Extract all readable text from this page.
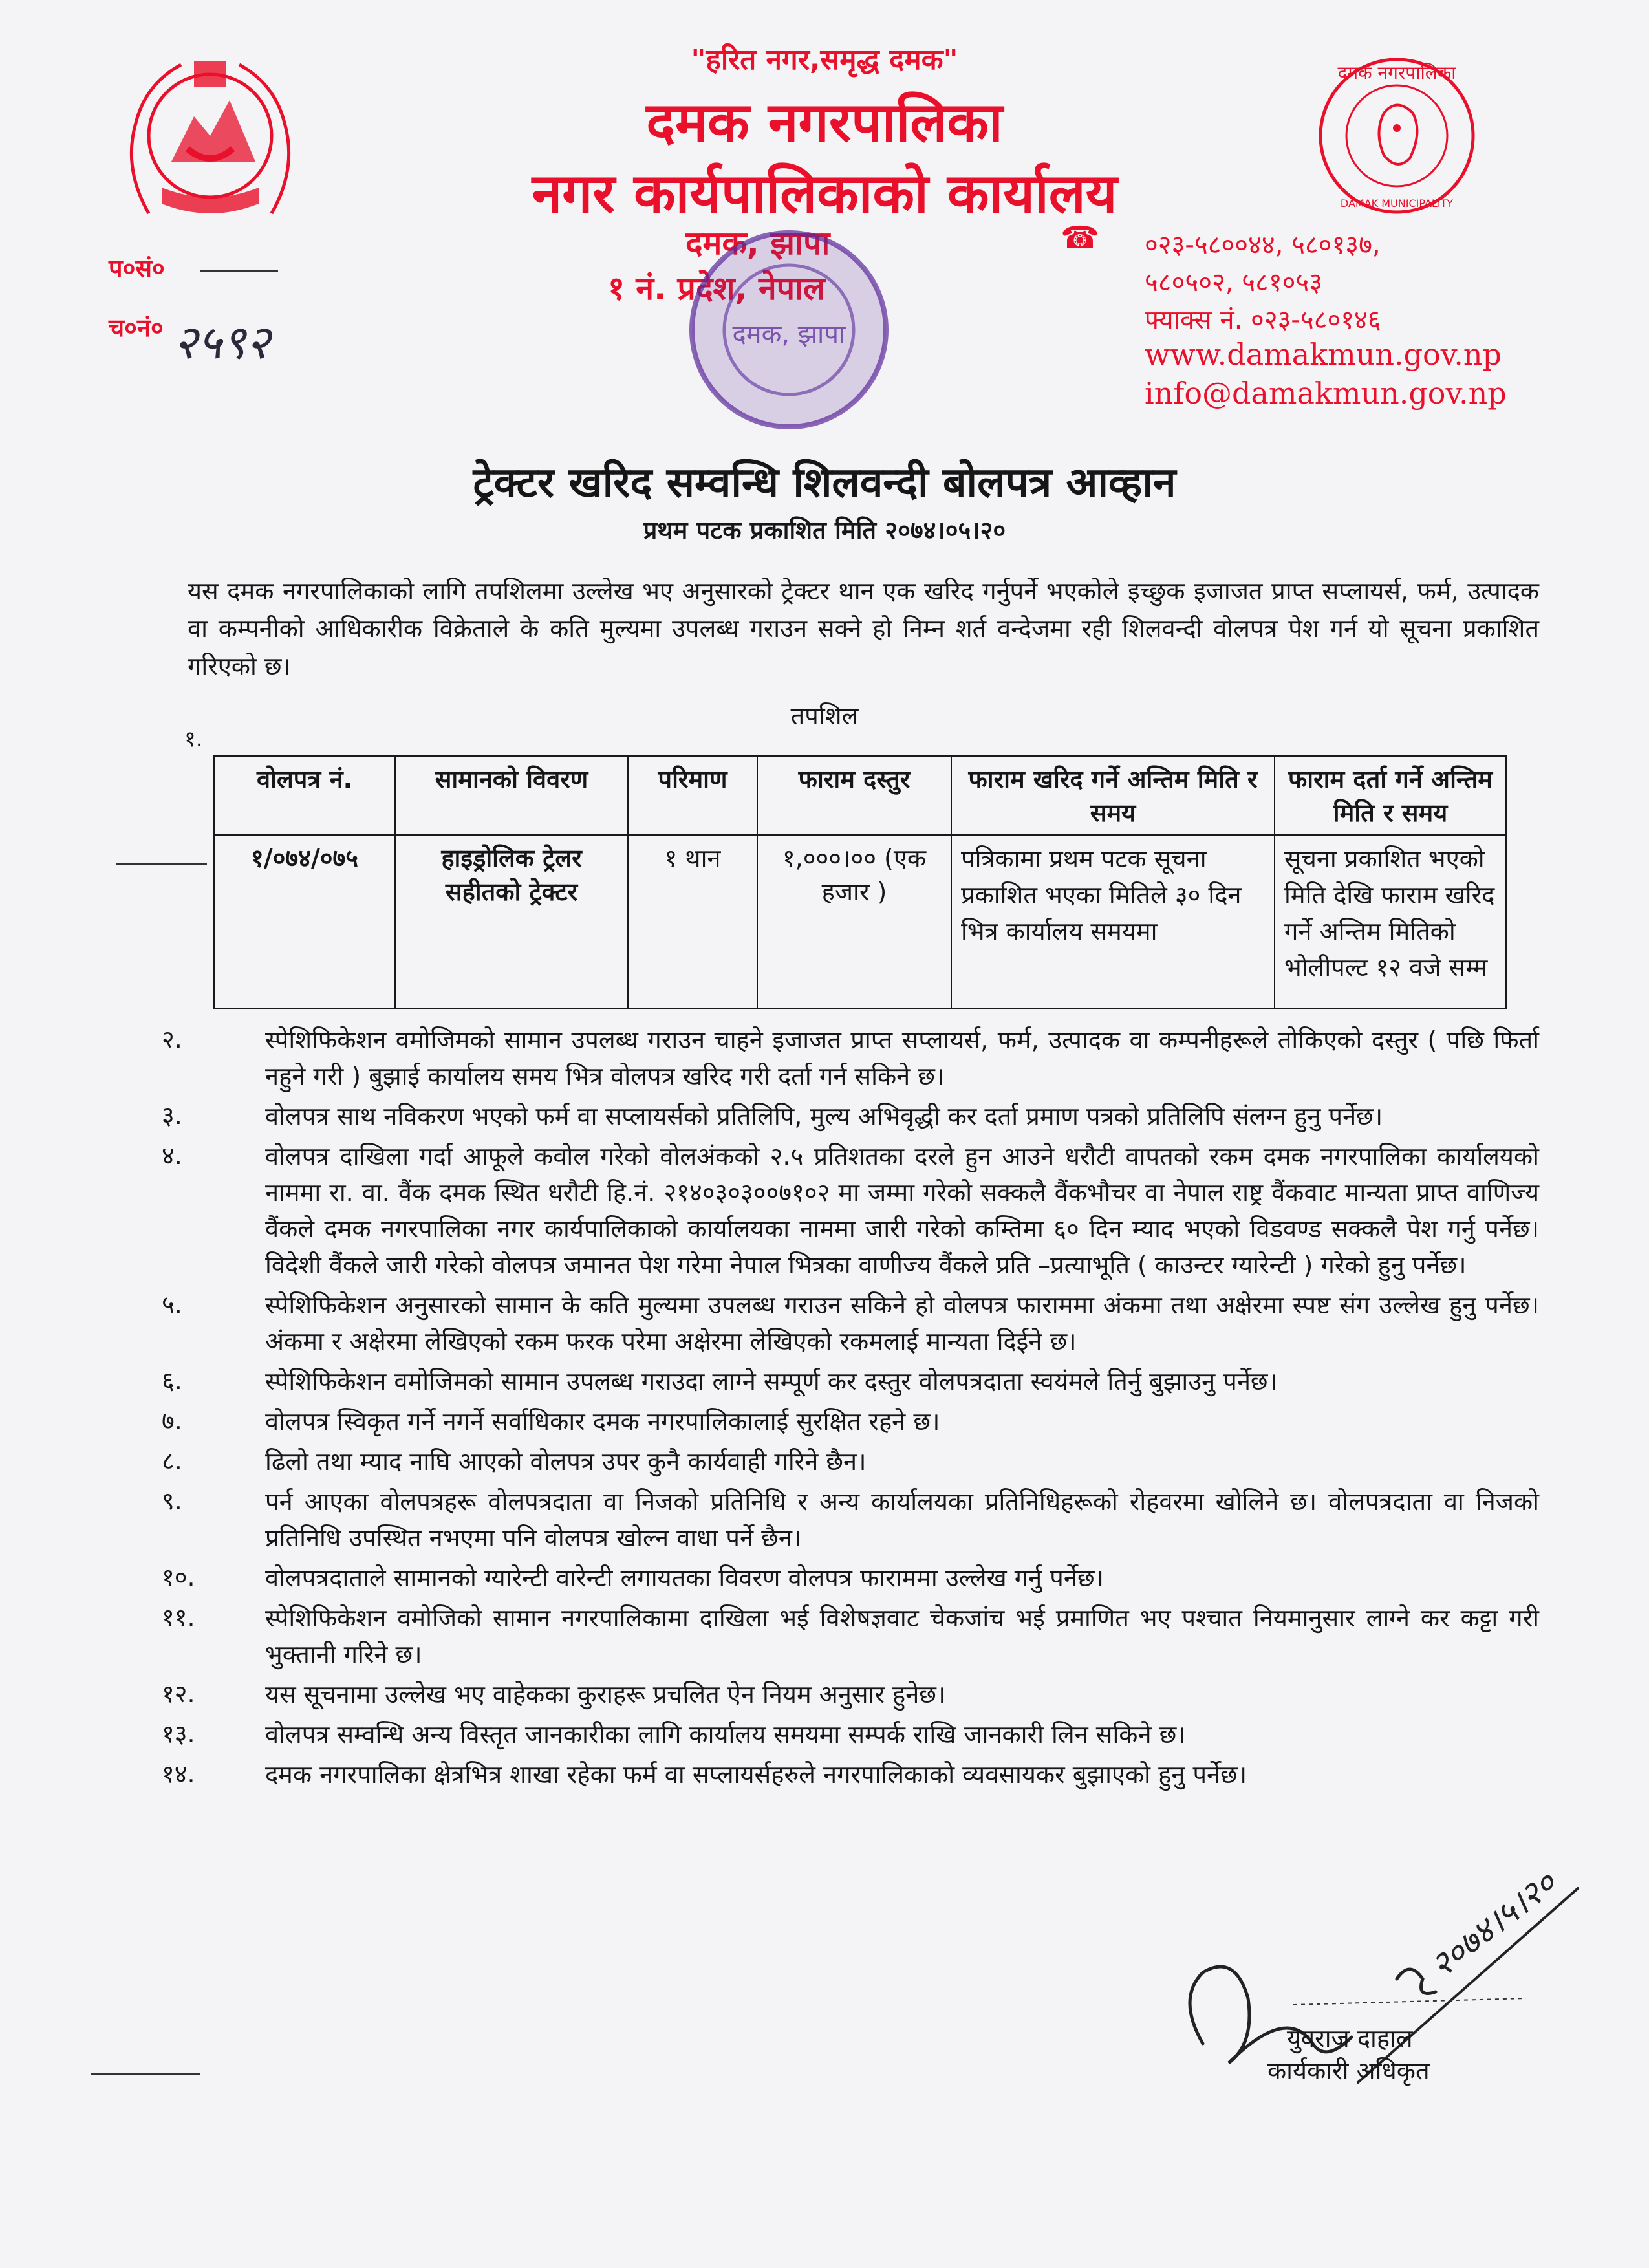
दमक नगरपालिका
DAMAK MUNICIPALITY
"हरित नगर,समृद्ध दमक"
दमक नगरपालिका
नगर कार्यपालिकाको कार्यालय
दमक, झापा
१ नं. प्रदेश, नेपाल
दमक, झापा
☎ ०२३-५८००४४, ५८०१३७,
५८०५०२, ५८१०५३
फ्याक्स नं. ०२३-५८०१४६
www.damakmun.gov.np
info@damakmun.gov.np
प०सं०
च०नं० २५९२
ट्रेक्टर खरिद सम्वन्धि शिलवन्दी बोलपत्र आव्हान
प्रथम पटक प्रकाशित मिति २०७४।०५।२०
यस दमक नगरपालिकाको लागि तपशिलमा उल्लेख भए अनुसारको ट्रेक्टर थान एक खरिद गर्नुपर्ने भएकोले इच्छुक इजाजत प्राप्त सप्लायर्स, फर्म, उत्पादक वा कम्पनीको आधिकारीक विक्रेताले के कति मुल्यमा उपलब्ध गराउन सक्ने हो निम्न शर्त वन्देजमा रही शिलवन्दी वोलपत्र पेश गर्न यो सूचना प्रकाशित गरिएको छ।
तपशिल
१.
वोलपत्र नं.	सामानको विवरण	परिमाण	फाराम दस्तुर	फाराम खरिद गर्ने अन्तिम मिति र समय	फाराम दर्ता गर्ने अन्तिम मिति र समय
१/०७४/०७५	हाइड्रोलिक ट्रेलर सहीतको ट्रेक्टर	१ थान	१,०००।०० (एक हजार )	पत्रिकामा प्रथम पटक सूचना प्रकाशित भएका मितिले ३० दिन भित्र कार्यालय समयमा	सूचना प्रकाशित भएको मिति देखि फाराम खरिद गर्ने अन्तिम मितिको भोलीपल्ट १२ वजे सम्म
२.	स्पेशिफिकेशन वमोजिमको सामान उपलब्ध गराउन चाहने इजाजत प्राप्त सप्लायर्स, फर्म, उत्पादक वा कम्पनीहरूले तोकिएको दस्तुर ( पछि फिर्ता नहुने गरी ) बुझाई कार्यालय समय भित्र वोलपत्र खरिद गरी दर्ता गर्न सकिने छ।
३.	वोलपत्र साथ नविकरण भएको फर्म वा सप्लायर्सको प्रतिलिपि, मुल्य अभिवृद्धी कर दर्ता प्रमाण पत्रको प्रतिलिपि संलग्न हुनु पर्नेछ।
४.	वोलपत्र दाखिला गर्दा आफूले कवोल गरेको वोलअंकको २.५ प्रतिशतका दरले हुन आउने धरौटी वापतको रकम दमक नगरपालिका कार्यालयको नाममा रा. वा. वैंक दमक स्थित धरौटी हि.नं. २१४०३०३००७१०२ मा जम्मा गरेको सक्कलै वैंकभौचर वा नेपाल राष्ट्र वैंकवाट मान्यता प्राप्त वाणिज्य वैंकले दमक नगरपालिका नगर कार्यपालिकाको कार्यालयका नाममा जारी गरेको कम्तिमा ६० दिन म्याद भएको विडवण्ड सक्कलै पेश गर्नु पर्नेछ। विदेशी वैंकले जारी गरेको वोलपत्र जमानत पेश गरेमा नेपाल भित्रका वाणीज्य वैंकले प्रति –प्रत्याभूति ( काउन्टर ग्यारेन्टी ) गरेको हुनु पर्नेछ।
५.	स्पेशिफिकेशन अनुसारको सामान के कति मुल्यमा उपलब्ध गराउन सकिने हो वोलपत्र फाराममा अंकमा तथा अक्षेरमा स्पष्ट संग उल्लेख हुनु पर्नेछ। अंकमा र अक्षेरमा लेखिएको रकम फरक परेमा अक्षेरमा लेखिएको रकमलाई मान्यता दिईने छ।
६.	स्पेशिफिकेशन वमोजिमको सामान उपलब्ध गराउदा लाग्ने सम्पूर्ण कर दस्तुर वोलपत्रदाता स्वयंमले तिर्नु बुझाउनु पर्नेछ।
७.	वोलपत्र स्विकृत गर्ने नगर्ने सर्वाधिकार दमक नगरपालिकालाई सुरक्षित रहने छ।
८.	ढिलो तथा म्याद नाघि आएको वोलपत्र उपर कुनै कार्यवाही गरिने छैन।
९.	पर्न आएका वोलपत्रहरू वोलपत्रदाता वा निजको प्रतिनिधि र अन्य कार्यालयका प्रतिनिधिहरूको रोहवरमा खोलिने छ। वोलपत्रदाता वा निजको प्रतिनिधि उपस्थित नभएमा पनि वोलपत्र खोल्न वाधा पर्ने छैन।
१०.	वोलपत्रदाताले सामानको ग्यारेन्टी वारेन्टी लगायतका विवरण वोलपत्र फाराममा उल्लेख गर्नु पर्नेछ।
११.	स्पेशिफिकेशन वमोजिको सामान नगरपालिकामा दाखिला भई विशेषज्ञवाट चेकजांच भई प्रमाणित भए पश्चात नियमानुसार लाग्ने कर कट्टा गरी भुक्तानी गरिने छ।
१२.	यस सूचनामा उल्लेख भए वाहेकका कुराहरू प्रचलित ऐन नियम अनुसार हुनेछ।
१३.	वोलपत्र सम्वन्धि अन्य विस्तृत जानकारीका लागि कार्यालय समयमा सम्पर्क राखि जानकारी लिन सकिने छ।
१४.	दमक नगरपालिका क्षेत्रभित्र शाखा रहेका फर्म वा सप्लायर्सहरुले नगरपालिकाको व्यवसायकर बुझाएको हुनु पर्नेछ।
२०७४।५।२०
युवराज दाहाल
कार्यकारी अधिकृत
